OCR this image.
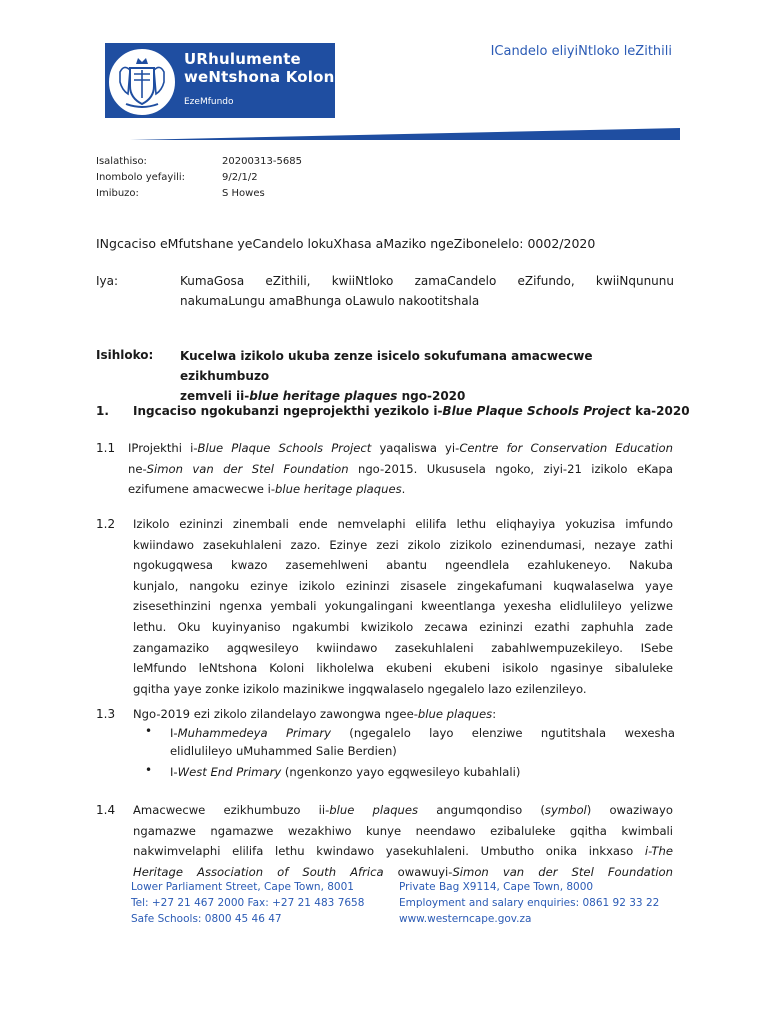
URhulumente
weNtshona Koloni
EzeMfundo
ICandelo eliyiNtloko leZithili
Isalathiso:	20200313-5685
Inombolo yefayili:	9/2/1/2
Imibuzo:	S Howes
INgcaciso eMfutshane yeCandelo lokuXhasa aMaziko ngeZibonelelo: 0002/2020
Iya:	KumaGosa eZithili, kwiiNtloko zamaCandelo eZifundo, kwiiNqununu nakumaLungu amaBhunga oLawulo nakootitshala
Isihloko: Kucelwa izikolo ukuba zenze isicelo sokufumana amacwecwe ezikhumbuzo
zemveli ii-blue heritage plaques ngo-2020
1. Ingcaciso ngokubanzi ngeprojekthi yezikolo i-Blue Plaque Schools Project ka-2020
1.1 IProjekthi i-Blue Plaque Schools Project yaqaliswa yi-Centre for Conservation Education
ne-Simon van der Stel Foundation ngo-2015. Ukususela ngoko, ziyi-21 izikolo eKapa
ezifumene amacwecwe i-blue heritage plaques.
1.2 Izikolo ezininzi zinembali ende nemvelaphi elilifa lethu eliqhayiya yokuzisa imfundo
kwiindawo zasekuhlaleni zazo. Ezinye zezi zikolo zizikolo ezinendumasi, nezaye zathi
ngokugqwesa kwazo zasemehlweni abantu ngeendlela ezahlukeneyo. Nakuba
kunjalo, nangoku ezinye izikolo ezininzi zisasele zingekafumani kuqwalaselwa yaye
zisesethinzini ngenxa yembali yokungalingani kweentlanga yexesha elidlulileyo yelizwe
lethu. Oku kuyinyaniso ngakumbi kwizikolo zecawa ezininzi ezathi zaphuhla zade
zangamaziko agqwesileyo kwiindawo zasekuhlaleni zabahlwempuzekileyo. ISebe
leMfundo leNtshona Koloni likholelwa ekubeni ekubeni isikolo ngasinye sibaluleke
gqitha yaye zonke izikolo mazinikwe ingqwalaselo ngegalelo lazo ezilenzileyo.
1.3 Ngo-2019 ezi zikolo zilandelayo zawongwa ngee-blue plaques:
• I-Muhammedeya Primary (ngegalelo layo elenziwe ngutitshala wexesha
elidlulileyo uMuhammed Salie Berdien)
• I-West End Primary (ngenkonzo yayo egqwesileyo kubahlali)
1.4 Amacwecwe ezikhumbuzo ii-blue plaques angumqondiso (symbol) owaziwayo
ngamazwe ngamazwe wezakhiwo kunye neendawo ezibaluleke gqitha kwimbali
nakwimvelaphi elilifa lethu kwindawo yasekuhlaleni. Umbutho onika inkxaso i-The
Heritage Association of South Africa owawuyi-Simon van der Stel Foundation
Lower Parliament Street, Cape Town, 8001
Tel: +27 21 467 2000 Fax: +27 21 483 7658
Safe Schools: 0800 45 46 47
Private Bag X9114, Cape Town, 8000
Employment and salary enquiries: 0861 92 33 22
www.westerncape.gov.za
